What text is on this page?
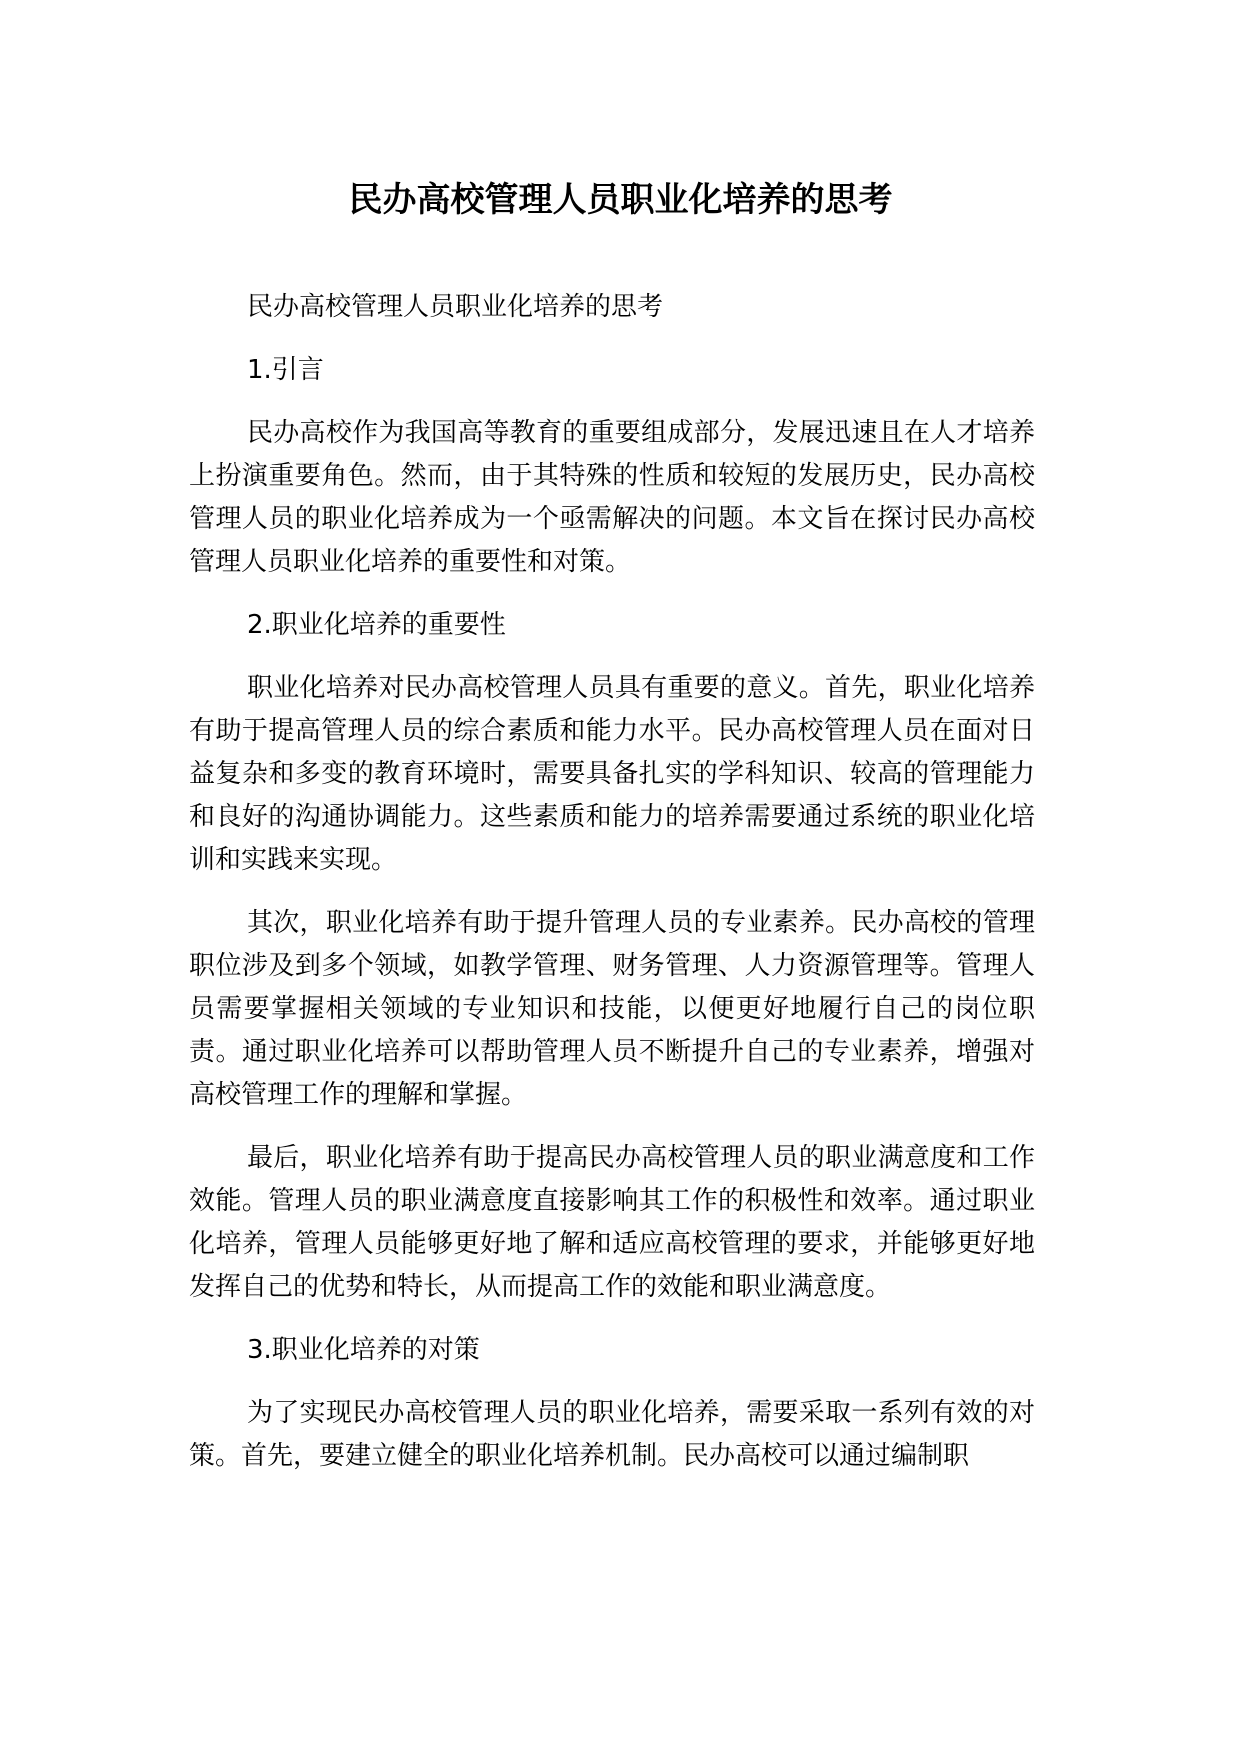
民办高校管理人员职业化培养的思考

民办高校管理人员职业化培养的思考

1.引言

民办高校作为我国高等教育的重要组成部分，发展迅速且在人才培养上扮演重要角色。然而，由于其特殊的性质和较短的发展历史，民办高校管理人员的职业化培养成为一个亟需解决的问题。本文旨在探讨民办高校管理人员职业化培养的重要性和对策。

2.职业化培养的重要性

职业化培养对民办高校管理人员具有重要的意义。首先，职业化培养有助于提高管理人员的综合素质和能力水平。民办高校管理人员在面对日益复杂和多变的教育环境时，需要具备扎实的学科知识、较高的管理能力和良好的沟通协调能力。这些素质和能力的培养需要通过系统的职业化培训和实践来实现。

其次，职业化培养有助于提升管理人员的专业素养。民办高校的管理职位涉及到多个领域，如教学管理、财务管理、人力资源管理等。管理人员需要掌握相关领域的专业知识和技能，以便更好地履行自己的岗位职责。通过职业化培养可以帮助管理人员不断提升自己的专业素养，增强对高校管理工作的理解和掌握。

最后，职业化培养有助于提高民办高校管理人员的职业满意度和工作效能。管理人员的职业满意度直接影响其工作的积极性和效率。通过职业化培养，管理人员能够更好地了解和适应高校管理的要求，并能够更好地发挥自己的优势和特长，从而提高工作的效能和职业满意度。

3.职业化培养的对策

为了实现民办高校管理人员的职业化培养，需要采取一系列有效的对策。首先，要建立健全的职业化培养机制。民办高校可以通过编制职
